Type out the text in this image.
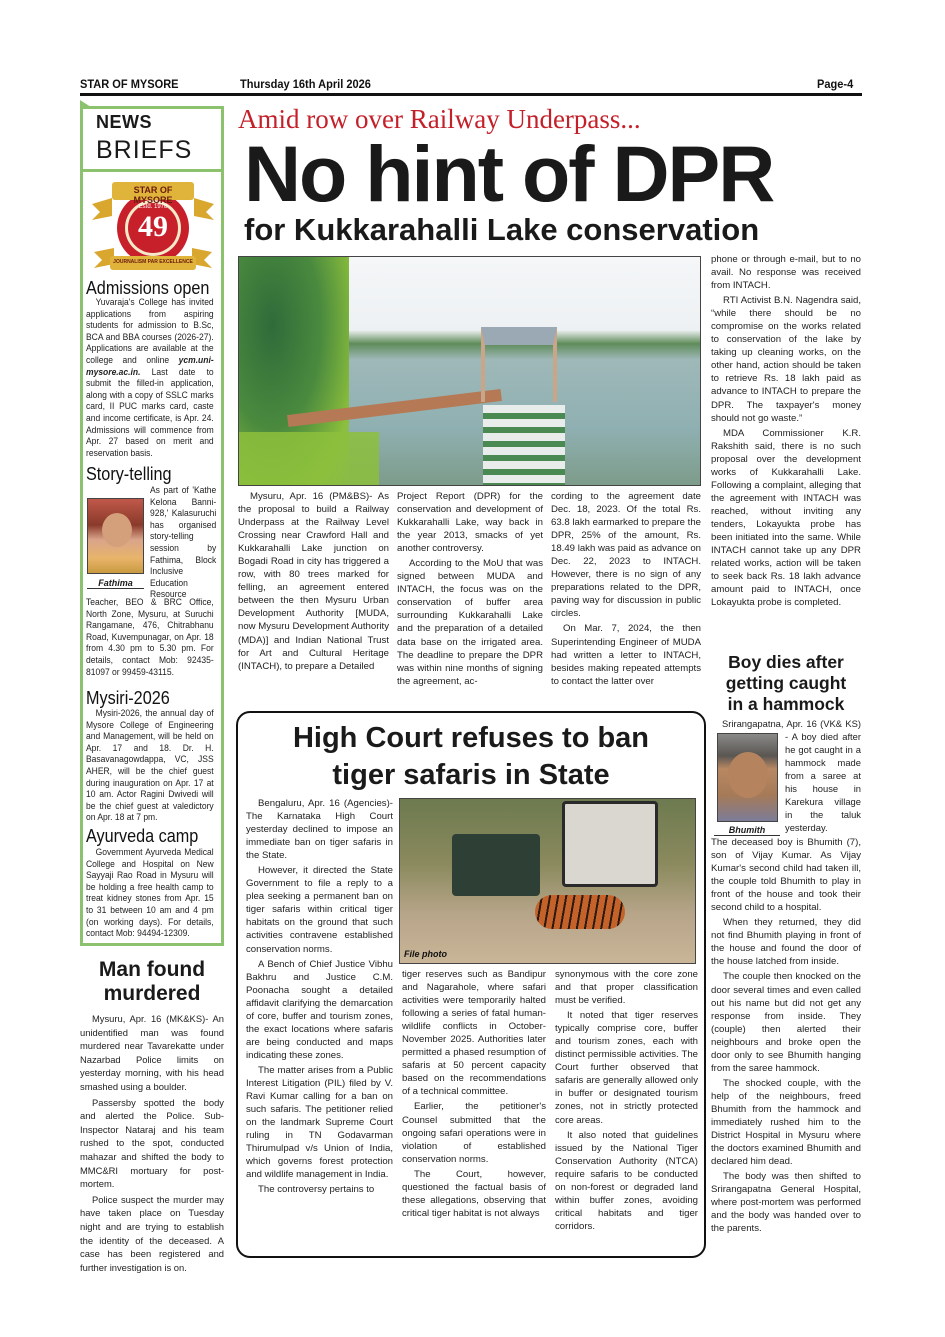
STAR OF MYSORE	Thursday 16th April 2026	Page-4
NEWS
BRIEFS
STAR OF MYSORE
Estd. 1978
49
JOURNALISM PAR EXCELLENCE
Admissions open
Yuvaraja's College has invited applications from aspiring students for admission to B.Sc, BCA and BBA courses (2026-27). Applications are available at the college and online ycm.uni-mysore.ac.in. Last date to submit the filled-in application, along with a copy of SSLC marks card, II PUC marks card, caste and income certificate, is Apr. 24. Admissions will commence from Apr. 27 based on merit and reservation basis.
Story-telling
Fathima
As part of 'Kathe Kelona Banni-928,' Kalasuruchi has organised story-telling session by Fathima, Block Inclusive Education Resource
Teacher, BEO & BRC Office, North Zone, Mysuru, at Suruchi Rangamane, 476, Chitrabhanu Road, Kuvempunagar, on Apr. 18 from 4.30 pm to 5.30 pm. For details, contact Mob: 92435-81097 or 99459-43115.
Mysiri-2026
Mysiri-2026, the annual day of Mysore College of Engineering and Management, will be held on Apr. 17 and 18. Dr. H. Basavanagowdappa, VC, JSS AHER, will be the chief guest during inauguration on Apr. 17 at 10 am. Actor Ragini Dwivedi will be the chief guest at valedictory on Apr. 18 at 7 pm.
Ayurveda camp
Government Ayurveda Medical College and Hospital on New Sayyaji Rao Road in Mysuru will be holding a free health camp to treat kidney stones from Apr. 15 to 31 between 10 am and 4 pm (on working days). For details, contact Mob: 94494-12309.
Man found
murdered

Mysuru, Apr. 16 (MK&KS)- An unidentified man was found murdered near Tavarekatte under Nazarbad Police limits on yesterday morning, with his head smashed using a boulder.

Passersby spotted the body and alerted the Police. Sub-Inspector Nataraj and his team rushed to the spot, conducted mahazar and shifted the body to MMC&RI mortuary for post-mortem.

Police suspect the murder may have taken place on Tuesday night and are trying to establish the identity of the deceased. A case has been registered and further investigation is on.

Amid row over Railway Underpass...
No hint of DPR
for Kukkarahalli Lake conservation

Mysuru, Apr. 16 (PM&BS)- As the proposal to build a Railway Underpass at the Railway Level Crossing near Crawford Hall and Kukkarahalli Lake junction on Bogadi Road in city has triggered a row, with 80 trees marked for felling, an agreement entered between the then Mysuru Urban Development Authority [MUDA, now Mysuru Development Authority (MDA)] and Indian National Trust for Art and Cultural Heritage (INTACH), to prepare a Detailed

Project Report (DPR) for the conservation and development of Kukkarahalli Lake, way back in the year 2013, smacks of yet another controversy.

According to the MoU that was signed between MUDA and INTACH, the focus was on the conservation of buffer area surrounding Kukkarahalli Lake and the preparation of a detailed data base on the irrigated area. The deadline to prepare the DPR was within nine months of signing the agreement, ac-

cording to the agreement date Dec. 18, 2023. Of the total Rs. 63.8 lakh earmarked to prepare the DPR, 25% of the amount, Rs. 18.49 lakh was paid as advance on Dec. 22, 2023 to INTACH. However, there is no sign of any preparations related to the DPR, paving way for discussion in public circles.

On Mar. 7, 2024, the then Superintending Engineer of MUDA had written a letter to INTACH, besides making repeated attempts to contact the latter over

phone or through e-mail, but to no avail. No response was received from INTACH.

RTI Activist B.N. Nagendra said, “while there should be no compromise on the works related to conservation of the lake by taking up cleaning works, on the other hand, action should be taken to retrieve Rs. 18 lakh paid as advance to INTACH to prepare the DPR. The taxpayer's money should not go waste.”

MDA Commissioner K.R. Rakshith said, there is no such proposal over the development works of Kukkarahalli Lake. Following a complaint, alleging that the agreement with INTACH was reached, without inviting any tenders, Lokayukta probe has been initiated into the same. While INTACH cannot take up any DPR related works, action will be taken to seek back Rs. 18 lakh advance amount paid to INTACH, once Lokayukta probe is completed.

High Court refuses to ban
tiger safaris in State
File photo

Bengaluru, Apr. 16 (Agencies)- The Karnataka High Court yesterday declined to impose an immediate ban on tiger safaris in the State.

However, it directed the State Government to file a reply to a plea seeking a permanent ban on tiger safaris within critical tiger habitats on the ground that such activities contravene established conservation norms.

A Bench of Chief Justice Vibhu Bakhru and Justice C.M. Poonacha sought a detailed affidavit clarifying the demarcation of core, buffer and tourism zones, the exact locations where safaris are being conducted and maps indicating these zones.

The matter arises from a Public Interest Litigation (PIL) filed by V. Ravi Kumar calling for a ban on such safaris. The petitioner relied on the landmark Supreme Court ruling in TN Godavarman Thirumulpad v/s Union of India, which governs forest protection and wildlife management in India.

The controversy pertains to

tiger reserves such as Bandipur and Nagarahole, where safari activities were temporarily halted following a series of fatal human-wildlife conflicts in October-November 2025. Authorities later permitted a phased resumption of safaris at 50 percent capacity based on the recommendations of a technical committee.

Earlier, the petitioner's Counsel submitted that the ongoing safari operations were in violation of established conservation norms.

The Court, however, questioned the factual basis of these allegations, observing that critical tiger habitat is not always

synonymous with the core zone and that proper classification must be verified.

It noted that tiger reserves typically comprise core, buffer and tourism zones, each with distinct permissible activities. The Court further observed that safaris are generally allowed only in buffer or designated tourism zones, not in strictly protected core areas.

It also noted that guidelines issued by the National Tiger Conservation Authority (NTCA) require safaris to be conducted on non-forest or degraded land within buffer zones, avoiding critical habitats and tiger corridors.

Boy dies after
getting caught
in a hammock
Bhumith

Srirangapatna, Apr. 16 (VK& KS) - A boy died after he got caught in a hammock made from a saree at his house in Karekura village in the taluk yesterday.

The deceased boy is Bhumith (7), son of Vijay Kumar. As Vijay Kumar's second child had taken ill, the couple told Bhumith to play in front of the house and took their second child to a hospital.

When they returned, they did not find Bhumith playing in front of the house and found the door of the house latched from inside.

The couple then knocked on the door several times and even called out his name but did not get any response from inside. They (couple) then alerted their neighbours and broke open the door only to see Bhumith hanging from the saree hammock.

The shocked couple, with the help of the neighbours, freed Bhumith from the hammock and immediately rushed him to the District Hospital in Mysuru where the doctors examined Bhumith and declared him dead.

The body was then shifted to Srirangapatna General Hospital, where post-mortem was performed and the body was handed over to the parents.
